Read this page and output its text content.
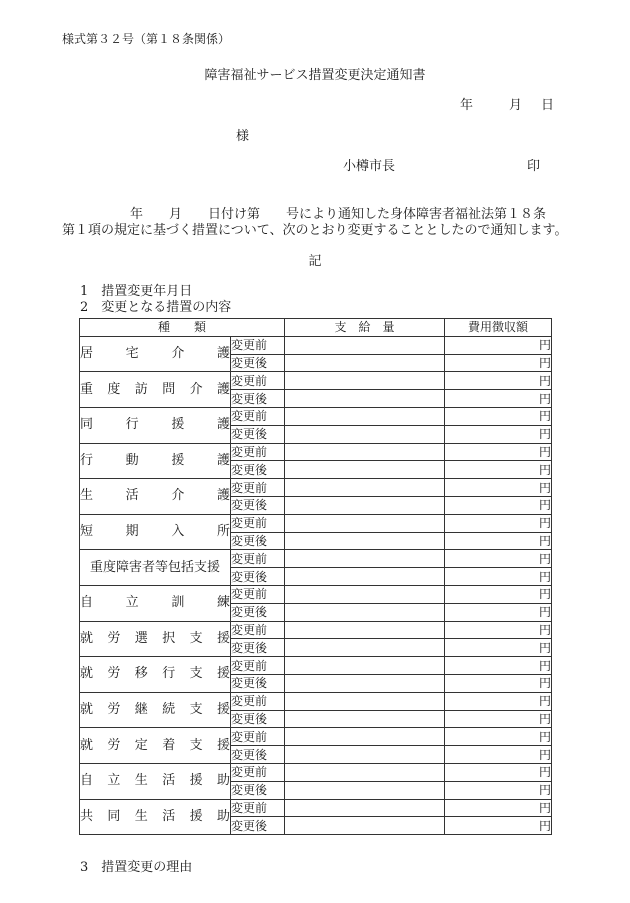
様式第３２号（第１８条関係）
障害福祉サービス措置変更決定通知書
年	月	日
様
小樽市長	印
年　　月　　日付け第　　号により通知した身体障害者福祉法第１８条
第１項の規定に基づく措置について、次のとおり変更することとしたので通知します。
記
1　措置変更年月日
2　変更となる措置の内容
種　　類		支　給　量	費用徴収額
居宅介護	変更前		円
	変更後		円
重度訪問介護	変更前		円
	変更後		円
同行援護	変更前		円
	変更後		円
行動援護	変更前		円
	変更後		円
生活介護	変更前		円
	変更後		円
短期入所	変更前		円
	変更後		円
重度障害者等包括支援	変更前		円
	変更後		円
自立訓練	変更前		円
	変更後		円
就労選択支援	変更前		円
	変更後		円
就労移行支援	変更前		円
	変更後		円
就労継続支援	変更前		円
	変更後		円
就労定着支援	変更前		円
	変更後		円
自立生活援助	変更前		円
	変更後		円
共同生活援助	変更前		円
	変更後		円
3　措置変更の理由
